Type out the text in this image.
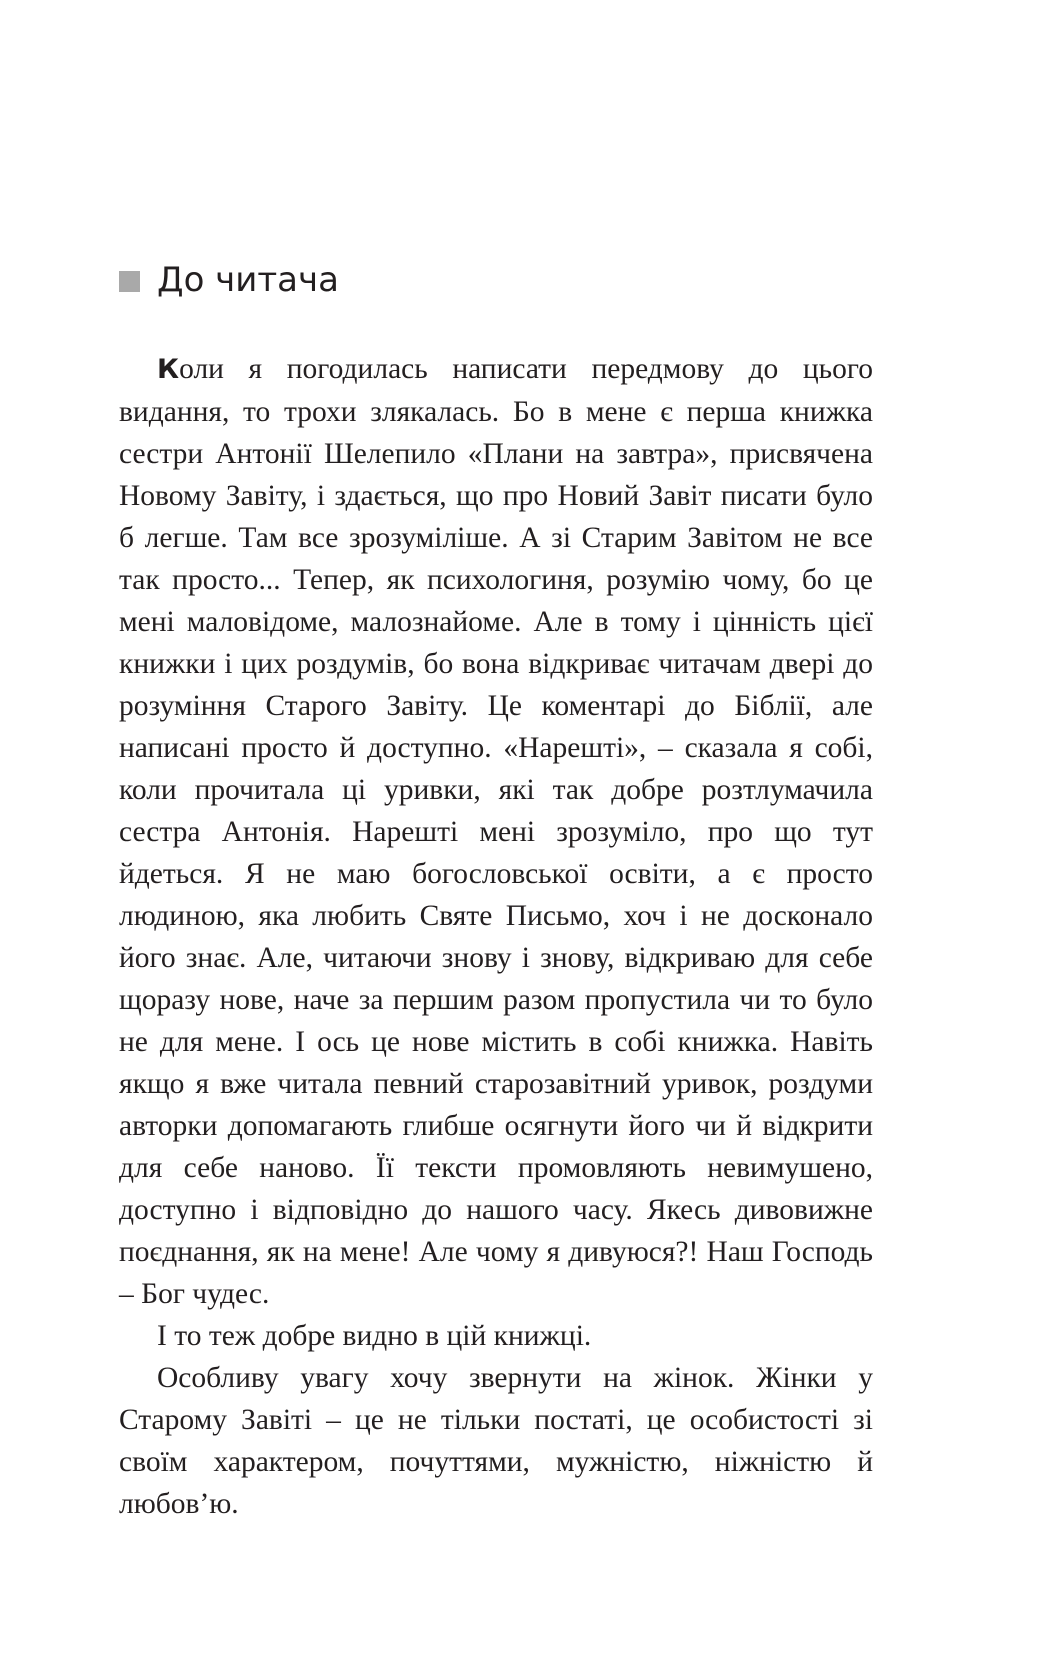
До читача

Коли я погодилась написати передмову до цього видання, то трохи злякалась. Бо в мене є перша книжка сестри Антонії Шелепило «Плани на завтра», присвячена Новому Завіту, і здається, що про Новий Завіт писати було б легше. Там все зрозуміліше. А зі Старим Завітом не все так просто... Тепер, як психологиня, розумію чому, бо це мені маловідоме, малознайоме. Але в тому і цінність цієї книжки і цих роздумів, бо вона відкриває читачам двері до розуміння Старого Завіту. Це коментарі до Біблії, але написані просто й доступно. «Нарешті», – сказала я собі, коли прочитала ці уривки, які так добре розтлумачила сестра Антонія. Нарешті мені зрозуміло, про що тут йдеться. Я не маю богословської освіти, а є просто людиною, яка любить Святе Письмо, хоч і не досконало його знає. Але, читаючи знову і знову, відкриваю для себе щоразу нове, наче за першим разом пропустила чи то було не для мене. І ось це нове містить в собі книжка. Навіть якщо я вже читала певний старозавітний уривок, роздуми авторки допомагають глибше осягнути його чи й відкрити для себе наново. Її тексти промовляють невимушено, доступно і відповідно до нашого часу. Якесь дивовижне поєднання, як на мене! Але чому я дивуюся?! Наш Господь – Бог чудес.

І то теж добре видно в цій книжці.

Особливу увагу хочу звернути на жінок. Жінки у Старому Завіті – це не тільки постаті, це особистості зі своїм характером, почуттями, мужністю, ніжністю й любов’ю.
